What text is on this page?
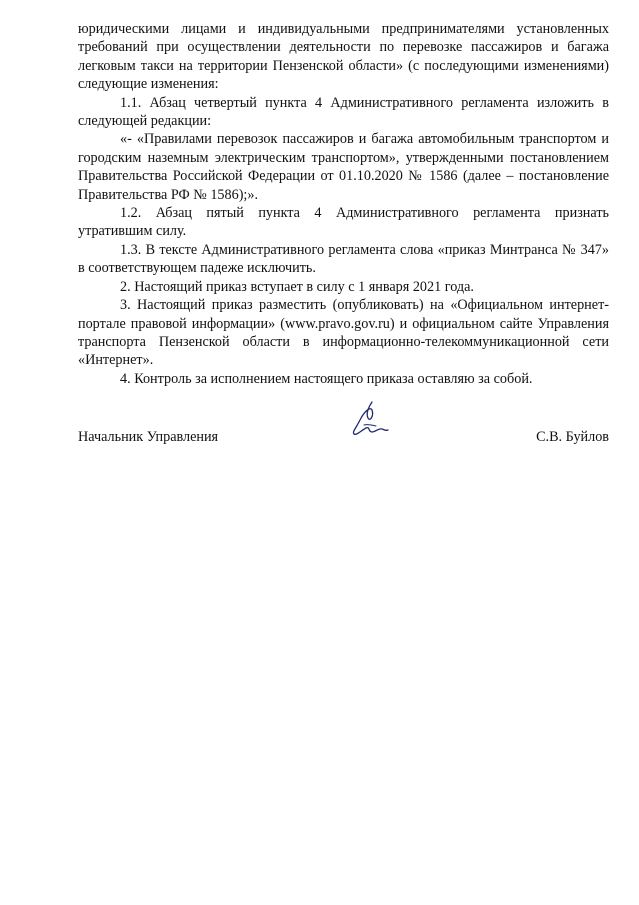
юридическими лицами и индивидуальными предпринимателями установленных требований при осуществлении деятельности по перевозке пассажиров и багажа легковым такси на территории Пензенской области» (с последующими изменениями) следующие изменения:

1.1. Абзац четвертый пункта 4 Административного регламента изложить в следующей редакции:

«- «Правилами перевозок пассажиров и багажа автомобильным транспортом и городским наземным электрическим транспортом», утвержденными постановлением Правительства Российской Федерации от 01.10.2020 № 1586 (далее – постановление Правительства РФ № 1586);».

1.2. Абзац пятый пункта 4 Административного регламента признать утратившим силу.

1.3. В тексте Административного регламента слова «приказ Минтранса № 347» в соответствующем падеже исключить.

2. Настоящий приказ вступает в силу с 1 января 2021 года.

3. Настоящий приказ разместить (опубликовать) на «Официальном интернет-портале правовой информации» (www.pravo.gov.ru) и официальном сайте Управления транспорта Пензенской области в информационно-телекоммуникационной сети «Интернет».

4. Контроль за исполнением настоящего приказа оставляю за собой.

Начальник Управления	С.В. Буйлов
